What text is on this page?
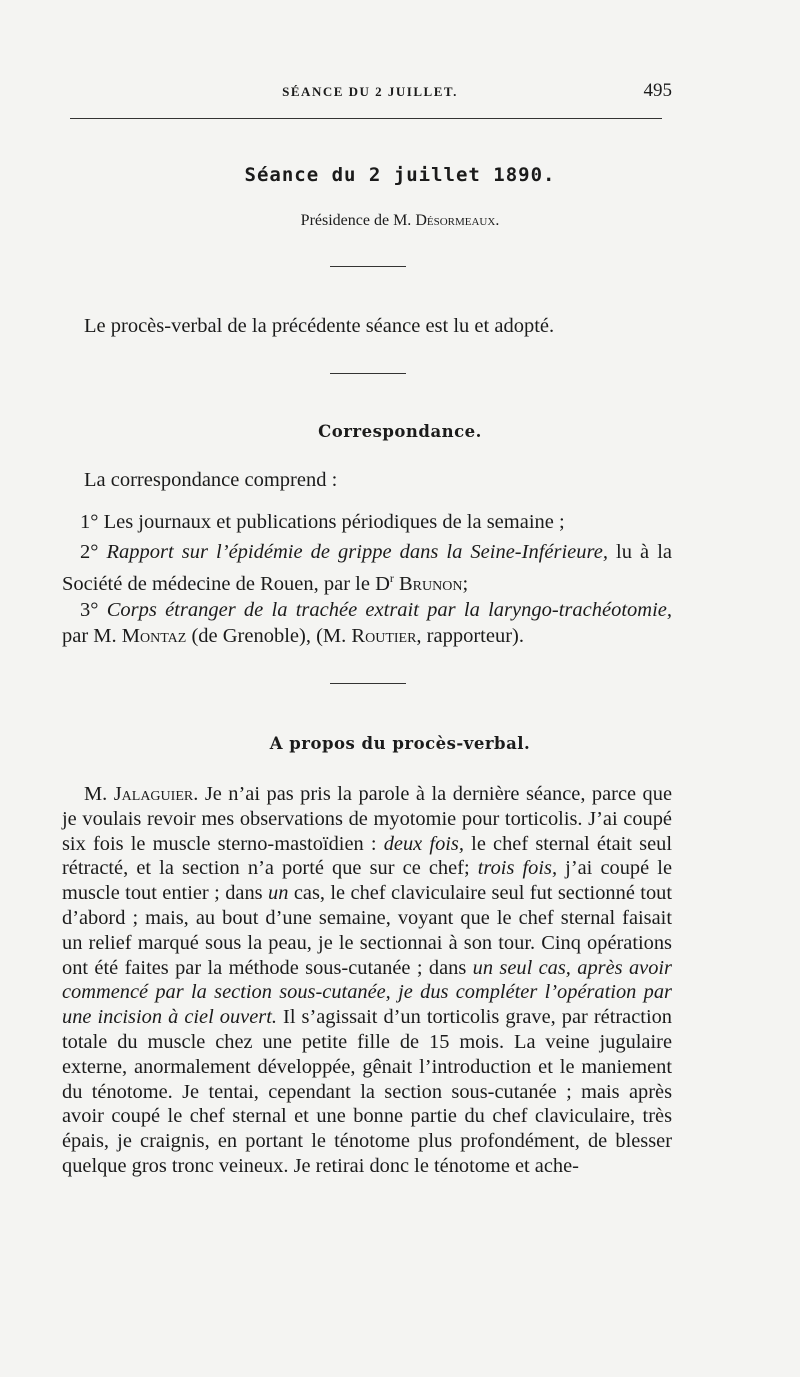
SÉANCE DU 2 JUILLET.	495
Séance du 2 juillet 1890.
Présidence de M. Désormeaux.
Le procès-verbal de la précédente séance est lu et adopté.
Correspondance.
La correspondance comprend :
1° Les journaux et publications périodiques de la semaine ;
2° Rapport sur l’épidémie de grippe dans la Seine-Inférieure, lu à la Société de médecine de Rouen, par le $D^r$ Brunon;
3° Corps étranger de la trachée extrait par la laryngo-trachéotomie, par M. Montaz (de Grenoble), (M. Routier, rapporteur).
A propos du procès-verbal.
M. Jalaguier. Je n’ai pas pris la parole à la dernière séance, parce que je voulais revoir mes observations de myotomie pour torticolis. J’ai coupé six fois le muscle sterno-mastoïdien : deux fois, le chef sternal était seul rétracté, et la section n’a porté que sur ce chef; trois fois, j’ai coupé le muscle tout entier ; dans un cas, le chef claviculaire seul fut sectionné tout d’abord ; mais, au bout d’une semaine, voyant que le chef sternal faisait un relief marqué sous la peau, je le sectionnai à son tour. Cinq opérations ont été faites par la méthode sous-cutanée ; dans un seul cas, après avoir commencé par la section sous-cutanée, je dus compléter l’opération par une incision à ciel ouvert. Il s’agissait d’un torticolis grave, par rétraction totale du muscle chez une petite fille de 15 mois. La veine jugulaire externe, anormalement développée, gênait l’introduction et le maniement du ténotome. Je tentai, cependant la section sous-cutanée ; mais après avoir coupé le chef sternal et une bonne partie du chef claviculaire, très épais, je craignis, en portant le ténotome plus profondément, de blesser quelque gros tronc veineux. Je retirai donc le ténotome et ache-
